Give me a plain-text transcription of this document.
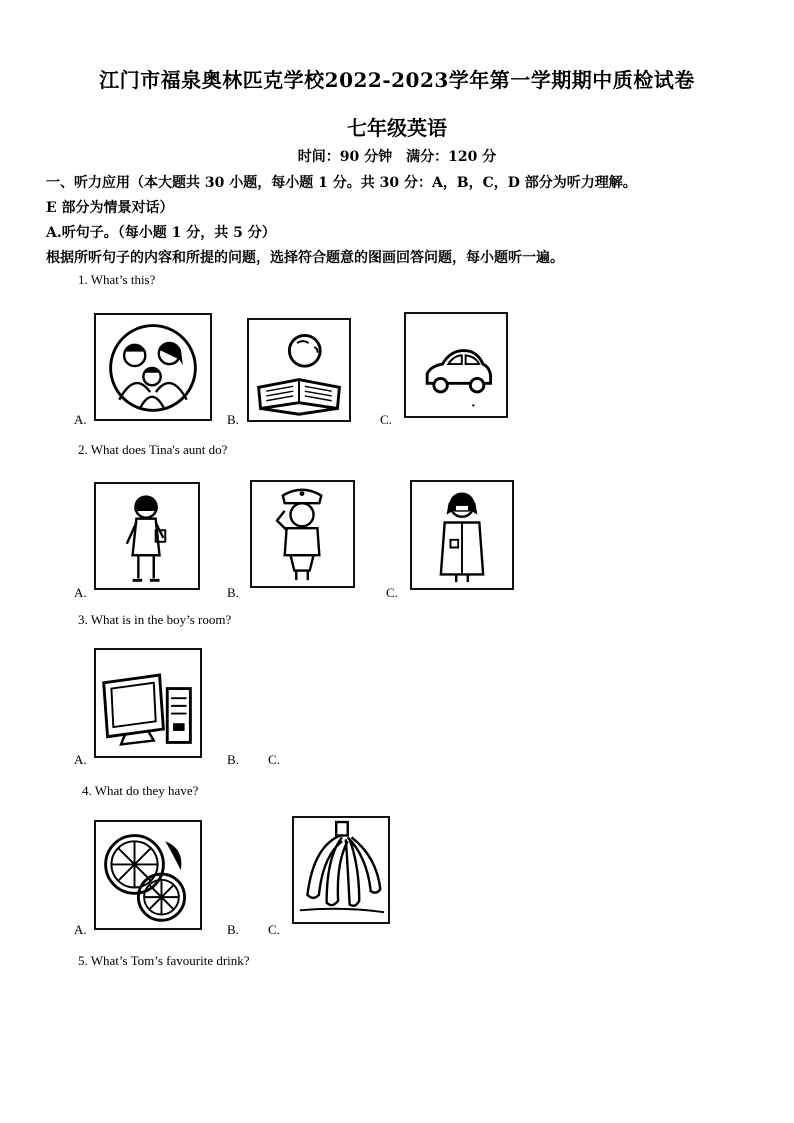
江门市福泉奥林匹克学校2022-2023学年第一学期期中质检试卷
七年级英语
时间：90 分钟　满分：120 分
一、听力应用（本大题共 30 小题，每小题 1 分。共 30 分：A，B，C，D 部分为听力理解。
E 部分为情景对话）
A.听句子。（每小题 1 分，共 5 分）
根据所听句子的内容和所提的问题，选择符合题意的图画回答问题，每小题听一遍。
1. What’s this?
A.	B.	C.
2. What does Tina's aunt do?
A.	B.	C.
3. What is in the boy’s room?
A.	B. C.
4. What do they have?
A.	B. C.
5. What’s Tom’s favourite drink?
